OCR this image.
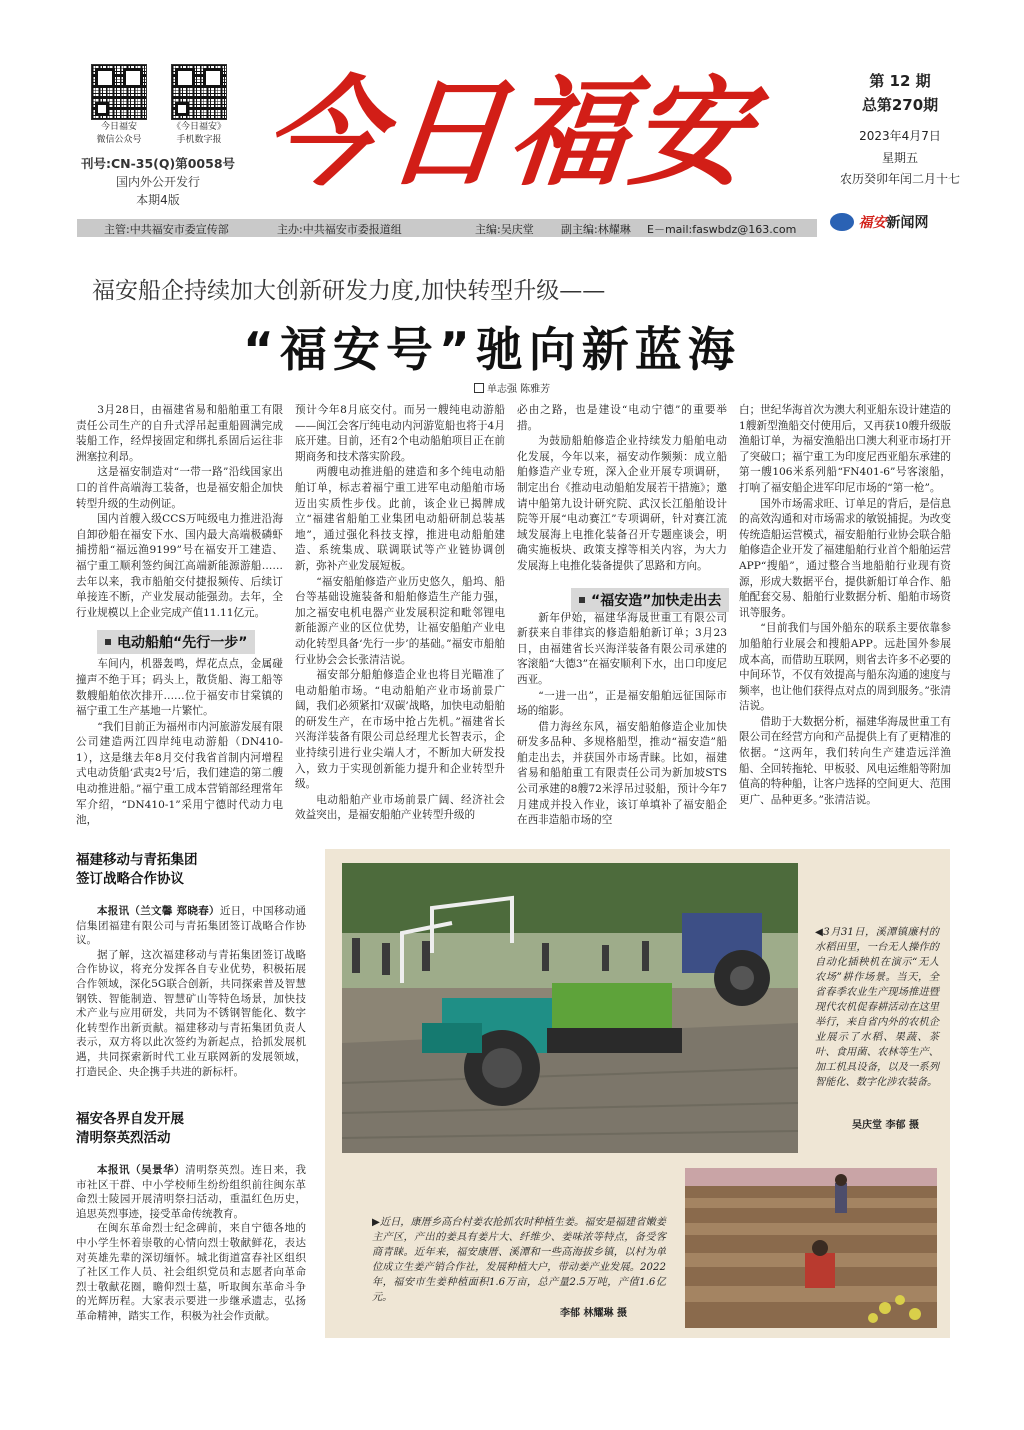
今日福安
微信公众号
《今日福安》
手机数字报
刊号:CN-35(Q)第0058号
国内外公开发行
本期4版 今日福安	第 12 期
总第270期
2023年4月7日
星期五
农历癸卯年闰二月十七
主管:中共福安市委宣传部	主办:中共福安市委报道组	主编:吴庆堂 副主编:林耀琳 E－mail:faswbdz@163.com	福安新闻网
福安船企持续加大创新研发力度,加快转型升级——
“福安号”驰向新蓝海
单志强 陈雅芳

3月28日，由福建省易和船舶重工有限责任公司生产的自升式浮吊起重船圆满完成装船工作，经焊接固定和绑扎系固后运往非洲塞拉利昂。

这是福安制造对“一带一路”沿线国家出口的首件高端海工装备，也是福安船企加快转型升级的生动例证。

国内首艘入级CCS万吨级电力推进沿海自卸砂船在福安下水、国内最大高端极磷虾捕捞船“福远渔9199”号在福安开工建造、福宁重工顺利签约闽江高端新能源游船……去年以来，我市船舶交付捷报频传、后续订单接连不断，产业发展动能强劲。去年，全行业规模以上企业完成产值11.11亿元。

车间内，机器轰鸣，焊花点点，金属碰撞声不绝于耳；码头上，散货船、海工船等数艘船舶依次排开……位于福安市甘棠镇的福宁重工生产基地一片繁忙。

“我们目前正为福州市内河旅游发展有限公司建造两江四岸纯电动游船（DN410-1），这是继去年8月交付我省首制内河增程式电动货船‘武夷2号’后，我们建造的第二艘电动推进船。”福宁重工成本营销部经理常年军介绍，“DN410-1”采用宁德时代动力电池，

电动船舶“先行一步”

预计今年8月底交付。而另一艘纯电动游船——闽江会客厅纯电动内河游览船也将于4月底开建。目前，还有2个电动船舶项目正在前期商务和技术落实阶段。

两艘电动推进船的建造和多个纯电动船舶订单，标志着福宁重工进军电动船舶市场迈出实质性步伐。此前，该企业已揭牌成立“福建省船舶工业集团电动船研制总装基地”，通过强化科技支撑，推进电动船舶建造、系统集成、联调联试等产业链协调创新，弥补产业发展短板。

“福安船舶修造产业历史悠久，船坞、船台等基础设施装备和船舶修造生产能力强，加之福安电机电器产业发展积淀和毗邻锂电新能源产业的区位优势，让福安船舶产业电动化转型具备‘先行一步’的基础。”福安市船舶行业协会会长张清洁说。

福安部分船舶修造企业也将目光瞄准了电动船舶市场。“电动船舶产业市场前景广阔，我们必须紧扣‘双碳’战略，加快电动船舶的研发生产，在市场中抢占先机。”福建省长兴海洋装备有限公司总经理尤长智表示，企业持续引进行业尖端人才，不断加大研发投入，致力于实现创新能力提升和企业转型升级。

电动船舶产业市场前景广阔、经济社会效益突出，是福安船舶产业转型升级的

必由之路，也是建设“电动宁德”的重要举措。

为鼓励船舶修造企业持续发力船舶电动化发展，今年以来，福安动作频频：成立船舶修造产业专班，深入企业开展专项调研，制定出台《推动电动船舶发展若干措施》；邀请中船第九设计研究院、武汉长江船舶设计院等开展“电动赛江”专项调研，针对赛江流域发展海上电推化装备召开专题座谈会，明确实施板块、政策支撑等相关内容，为大力发展海上电推化装备提供了思路和方向。

新年伊始，福建华海晟世重工有限公司新获来自菲律宾的修造船舶新订单；3月23日，由福建省长兴海洋装备有限公司承建的客滚船“大德3”在福安顺利下水，出口印度尼西亚。

“一进一出”，正是福安船舶远征国际市场的缩影。

借力海丝东风，福安船舶修造企业加快研发多品种、多规格船型，推动“福安造”船舶走出去，并获国外市场青睐。比如，福建省易和船舶重工有限责任公司为新加坡STS公司承建的8艘72米浮吊过驳船，预计今年7月建成并投入作业，该订单填补了福安船企在西非造船市场的空

“福安造”加快走出去

白；世纪华海首次为澳大利亚船东设计建造的1艘新型渔船交付使用后，又再获10艘升级版渔船订单，为福安渔船出口澳大利亚市场打开了突破口；福宁重工为印度尼西亚船东承建的第一艘106米系列船“FN401-6”号客滚船，打响了福安船企进军印尼市场的“第一枪”。

国外市场需求旺、订单足的背后，是信息的高效沟通和对市场需求的敏锐捕捉。为改变传统造船运营模式，福安船舶行业协会联合船舶修造企业开发了福建船舶行业首个船舶运营APP“搜船”，通过整合当地船舶行业现有资源，形成大数据平台，提供新船订单合作、船舶配套交易、船舶行业数据分析、船舶市场资讯等服务。

“目前我们与国外船东的联系主要依靠参加船舶行业展会和搜船APP。远赴国外参展成本高，而借助互联网，则省去许多不必要的中间环节，不仅有效提高与船东沟通的速度与频率，也让他们获得点对点的周到服务。”张清洁说。

借助于大数据分析，福建华海晟世重工有限公司在经营方向和产品提供上有了更精准的依据。“这两年，我们转向生产建造远洋渔船、全回转拖轮、甲板驳、风电运维船等附加值高的特种船，让客户选择的空间更大、范围更广、品种更多。”张清洁说。

福建移动与青拓集团
签订战略合作协议

本报讯（兰文馨 郑晓春）近日，中国移动通信集团福建有限公司与青拓集团签订战略合作协议。

据了解，这次福建移动与青拓集团签订战略合作协议，将充分发挥各自专业优势，积极拓展合作领域，深化5G联合创新，共同探索普及智慧钢铁、智能制造、智慧矿山等特色场景，加快技术产业与应用研发，共同为不锈钢智能化、数字化转型作出新贡献。福建移动与青拓集团负责人表示，双方将以此次签约为新起点，拾抓发展机遇，共同探索新时代工业互联网新的发展领域，打造民企、央企携手共进的新标杆。

福安各界自发开展
清明祭英烈活动

本报讯（吴景华）清明祭英烈。连日来，我市社区干群、中小学校师生纷纷组织前往闽东革命烈士陵园开展清明祭扫活动，重温红色历史，追思英烈事迹，接受革命传统教育。

在闽东革命烈士纪念碑前，来自宁德各地的中小学生怀着崇敬的心情向烈士敬献鲜花，表达对英雄先辈的深切缅怀。城北街道富春社区组织了社区工作人员、社会组织党员和志愿者向革命烈士敬献花圈，瞻仰烈士墓，听取闽东革命斗争的光辉历程。大家表示要进一步继承遗志，弘扬革命精神，踏实工作，积极为社会作贡献。

◀3月31日，溪潭镇廉村的水稻田里，一台无人操作的自动化插秧机在演示“无人农场”耕作场景。当天，全省春季农业生产现场推进暨现代农机促春耕活动在这里举行，来自省内外的农机企业展示了水稻、果蔬、茶叶、食用菌、农林等生产、加工机具设备，以及一系列智能化、数字化涉农装备。
吴庆堂 李郁 摄
▶近日，康厝乡高台村姜农抢抓农时种植生姜。福安是福建省嫩姜主产区，产出的姜具有姜片大、纤维少、姜味浓等特点，备受客商青睐。近年来，福安康厝、溪潭和一些高海拔乡镇，以村为单位成立生姜产销合作社，发展种植大户，带动姜产业发展。2022年，福安市生姜种植面积1.6万亩，总产量2.5万吨，产值1.6亿元。
李郁 林耀琳 摄
